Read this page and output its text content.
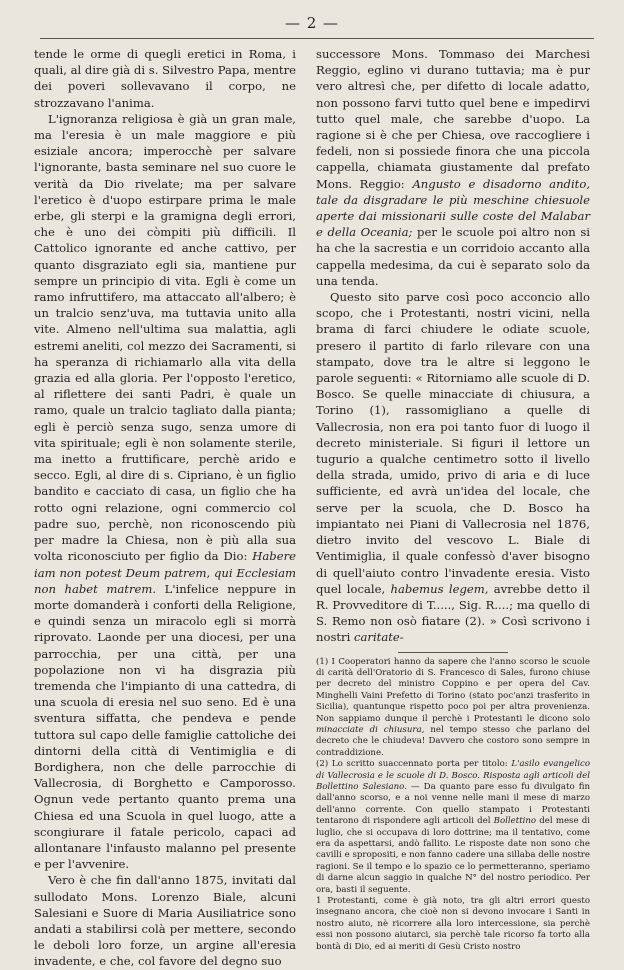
— 2 —

tende le orme di quegli eretici in Roma, i quali, al dire già di s. Silvestro Papa, mentre dei poveri sollevavano il corpo, ne strozzavano l'anima.

L'ignoranza religiosa è già un gran male, ma l'eresia è un male maggiore e più esiziale ancora; imperocchè per salvare l'ignorante, basta seminare nel suo cuore le verità da Dio rivelate; ma per salvare l'eretico è d'uopo estirpare prima le male erbe, gli sterpi e la gramigna degli errori, che è uno dei còmpiti più difficili. Il Cattolico ignorante ed anche cattivo, per quanto disgraziato egli sia, mantiene pur sempre un principio di vita. Egli è come un ramo infruttifero, ma attaccato all'albero; è un tralcio senz'uva, ma tuttavia unito alla vite. Almeno nell'ultima sua malattia, agli estremi aneliti, col mezzo dei Sacramenti, si ha speranza di richiamarlo alla vita della grazia ed alla gloria. Per l'opposto l'eretico, al riflettere dei santi Padri, è quale un ramo, quale un tralcio tagliato dalla pianta; egli è perciò senza sugo, senza umore di vita spirituale; egli è non solamente sterile, ma inetto a fruttificare, perchè arido e secco. Egli, al dire di s. Cipriano, è un figlio bandito e cacciato di casa, un figlio che ha rotto ogni relazione, ogni commercio col padre suo, perchè, non riconoscendo più per madre la Chiesa, non è più alla sua volta riconosciuto per figlio da Dio: Habere iam non potest Deum patrem, qui Ecclesiam non habet matrem. L'infelice neppure in morte domanderà i conforti della Religione, e quindi senza un miracolo egli si morrà riprovato. Laonde per una diocesi, per una parrocchia, per una città, per una popolazione non vi ha disgrazia più tremenda che l'impianto di una cattedra, di una scuola di eresia nel suo seno. Ed è una sventura siffatta, che pendeva e pende tuttora sul capo delle famiglie cattoliche dei dintorni della città di Ventimiglia e di Bordighera, non che delle parrocchie di Vallecrosia, di Borghetto e Camporosso. Ognun vede pertanto quanto prema una Chiesa ed una Scuola in quel luogo, atte a scongiurare il fatale pericolo, capaci ad allontanare l'infausto malanno pel presente e per l'avvenire.

Vero è che fin dall'anno 1875, invitati dal sullodato Mons. Lorenzo Biale, alcuni Salesiani e Suore di Maria Ausiliatrice sono andati a stabilirsi colà per mettere, secondo le deboli loro forze, un argine all'eresia invadente, e che, col favore del degno suo

successore Mons. Tommaso dei Marchesi Reggio, eglino vi durano tuttavia; ma è pur vero altresì che, per difetto di locale adatto, non possono farvi tutto quel bene e impedirvi tutto quel male, che sarebbe d'uopo. La ragione si è che per Chiesa, ove raccogliere i fedeli, non si possiede finora che una piccola cappella, chiamata giustamente dal prefato Mons. Reggio: Angusto e disadorno andito, tale da disgradare le più meschine chiesuole aperte dai missionarii sulle coste del Malabar e della Oceania; per le scuole poi altro non si ha che la sacrestia e un corridoio accanto alla cappella medesima, da cui è separato solo da una tenda.

Questo sito parve così poco acconcio allo scopo, che i Protestanti, nostri vicini, nella brama di farci chiudere le odiate scuole, presero il partito di farlo rilevare con una stampato, dove tra le altre si leggono le parole seguenti: « Ritorniamo alle scuole di D. Bosco. Se quelle minacciate di chiusura, a Torino (1), rassomigliano a quelle di Vallecrosia, non era poi tanto fuor di luogo il decreto ministeriale. Si figuri il lettore un tugurio a qualche centimetro sotto il livello della strada, umido, privo di aria e di luce sufficiente, ed avrà un'idea del locale, che serve per la scuola, che D. Bosco ha impiantato nei Piani di Vallecrosia nel 1876, dietro invito del vescovo L. Biale di Ventimiglia, il quale confessò d'aver bisogno di quell'aiuto contro l'invadente eresia. Visto quel locale, habemus legem, avrebbe detto il R. Provveditore di T....., Sig. R....; ma quello di S. Remo non osò fiatare (2). » Così scrivono i nostri caritate-

(1) I Cooperatori hanno da sapere che l'anno scorso le scuole di carità dell'Oratorio di S. Francesco di Sales, furono chiuse per decreto del ministro Coppino e per opera del Cav. Minghelli Vaini Prefetto di Torino (stato poc'anzi trasferito in Sicilia), quantunque rispetto poco poi per altra provenienza. Non sappiamo dunque il perchè i Protestanti le dicono solo minacciate di chiusura, nel tempo stesso che parlano del decreto che le chiudeva! Davvero che costoro sono sempre in contraddizione.

(2) Lo scritto suaccennato porta per titolo: L'asilo evangelico di Vallecrosia e le scuole di D. Bosco. Risposta agli articoli del Bollettino Salesiano. — Da quanto pare esso fu divulgato fin dall'anno scorso, e a noi venne nelle mani il mese di marzo dell'anno corrente. Con quello stampato i Protestanti tentarono di rispondere agli articoli del Bollettino del mese di luglio, che si occupava di loro dottrine; ma il tentativo, come era da aspettarsi, andò fallito. Le risposte date non sono che cavilli e spropositi, e non fanno cadere una sillaba delle nostre ragioni. Se il tempo e lo spazio ce lo permetteranno, speriamo di darne alcun saggio in qualche N° del nostro periodico. Per ora, basti il seguente.

1 Protestanti, come è già noto, tra gli altri errori questo insegnano ancora, che cioè non si devono invocare i Santi in nostro aiuto, nè ricorrere alla loro intercessione, sia perchè essi non possono aiutarci, sia perchè tale ricorso fa torto alla bontà di Dio, ed ai meriti di Gesù Cristo nostro
